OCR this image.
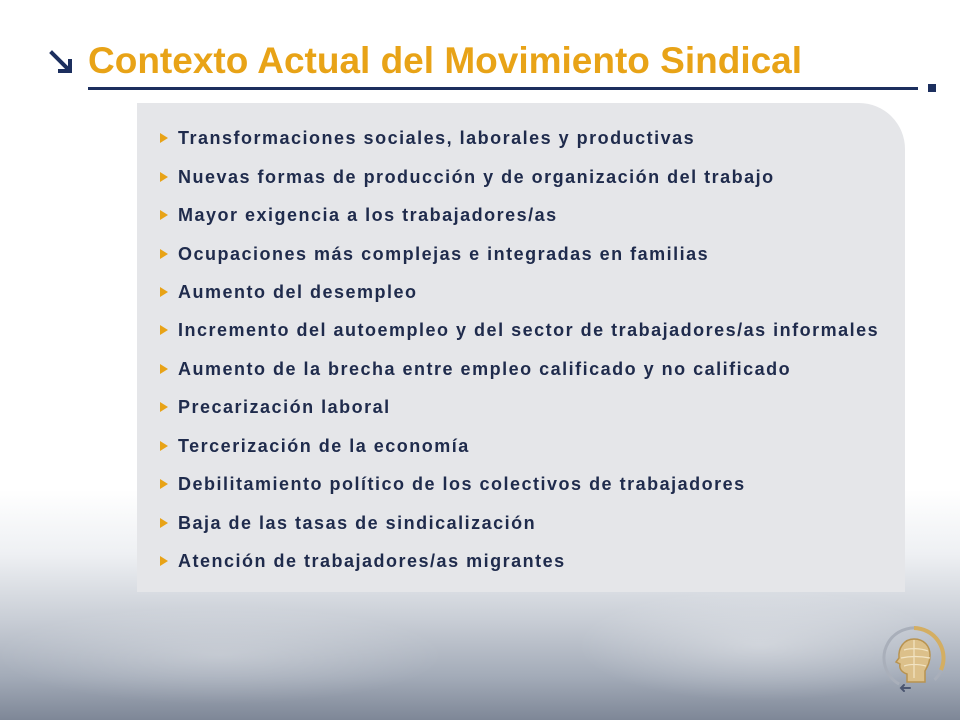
Contexto Actual del Movimiento Sindical
Transformaciones sociales, laborales y productivas
Nuevas formas de producción y de organización del trabajo
Mayor exigencia a los trabajadores/as
Ocupaciones más complejas e integradas en familias
Aumento del desempleo
Incremento del autoempleo y del sector de trabajadores/as informales
Aumento de la brecha entre empleo calificado y no calificado
Precarización laboral
Tercerización de la economía
Debilitamiento político de los colectivos de trabajadores
Baja de las tasas de sindicalización
Atención de trabajadores/as migrantes
